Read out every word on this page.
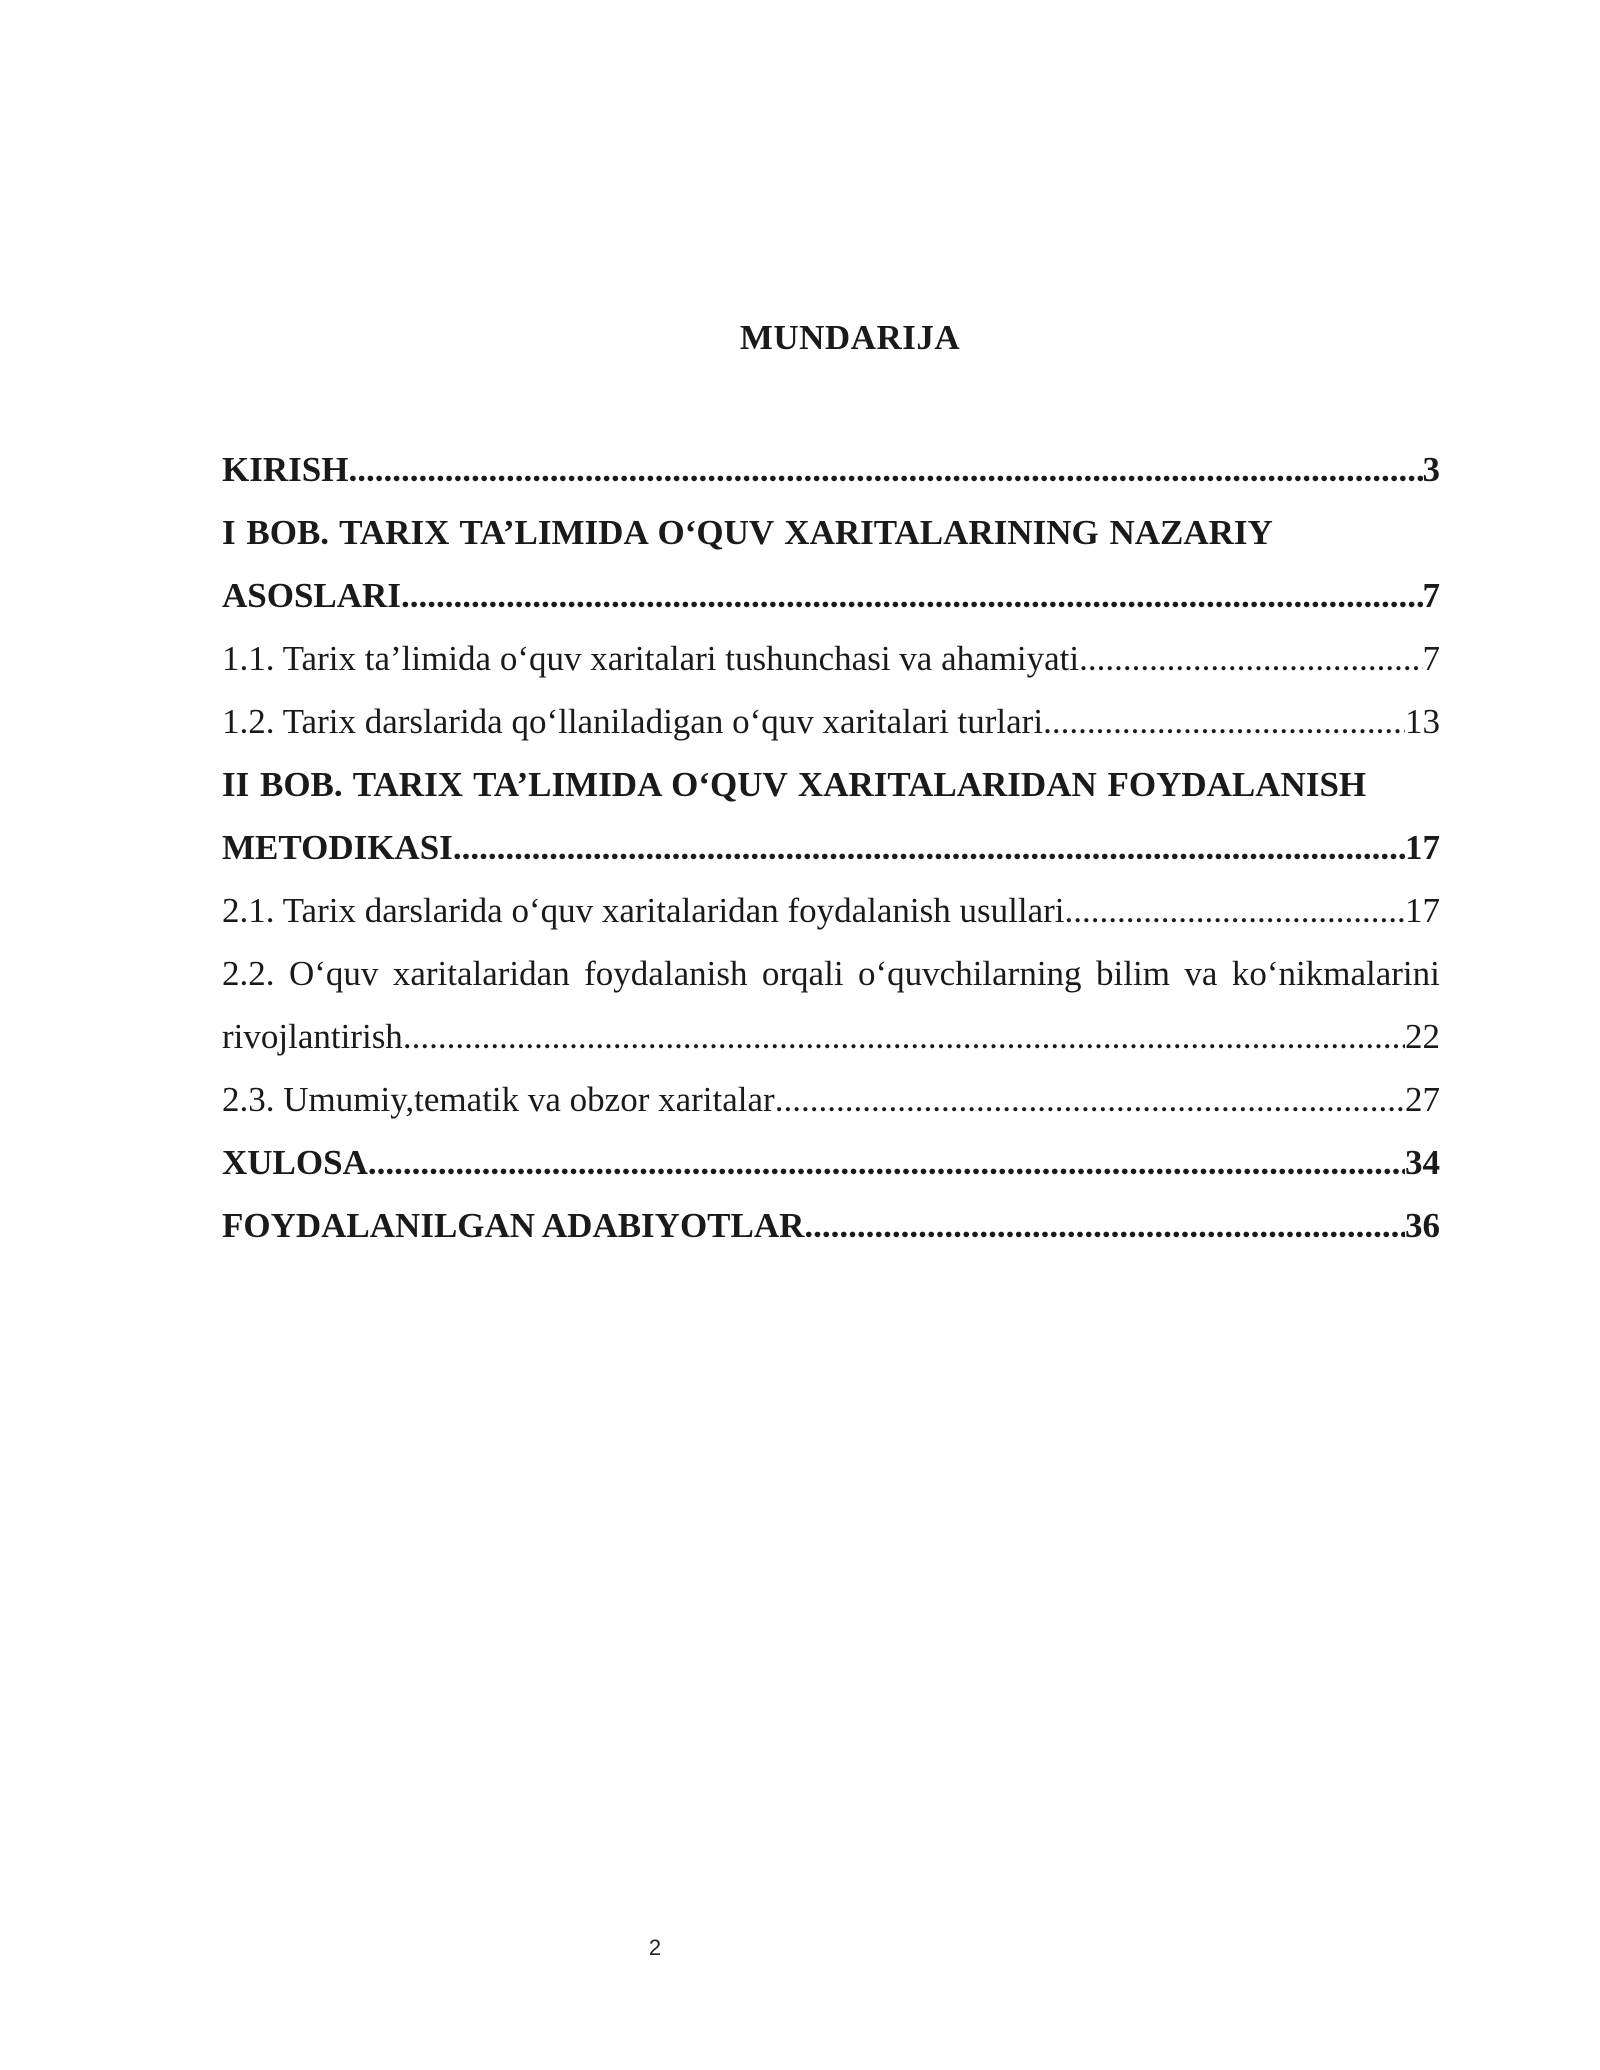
MUNDARIJA
KIRISH .....	3
I BOB. TARIX TA’LIMIDA O‘QUV XARITALARINING NAZARIY
ASOSLARI .....	7
1.1. Tarix ta’limida o‘quv xaritalari tushunchasi va ahamiyati .....	7
1.2. Tarix darslarida qo‘llaniladigan o‘quv xaritalari turlari .....	13
II BOB. TARIX TA’LIMIDA O‘QUV XARITALARIDAN FOYDALANISH
METODIKASI .....	17
2.1. Tarix darslarida o‘quv xaritalaridan foydalanish usullari .....	17
2.2. O‘quv xaritalaridan foydalanish orqali o‘quvchilarning bilim va ko‘nikmalarini
rivojlantirish .....	22
2.3. Umumiy,tematik va obzor xaritalar .....	27
XULOSA .....	34
FOYDALANILGAN ADABIYOTLAR .....	36
2
